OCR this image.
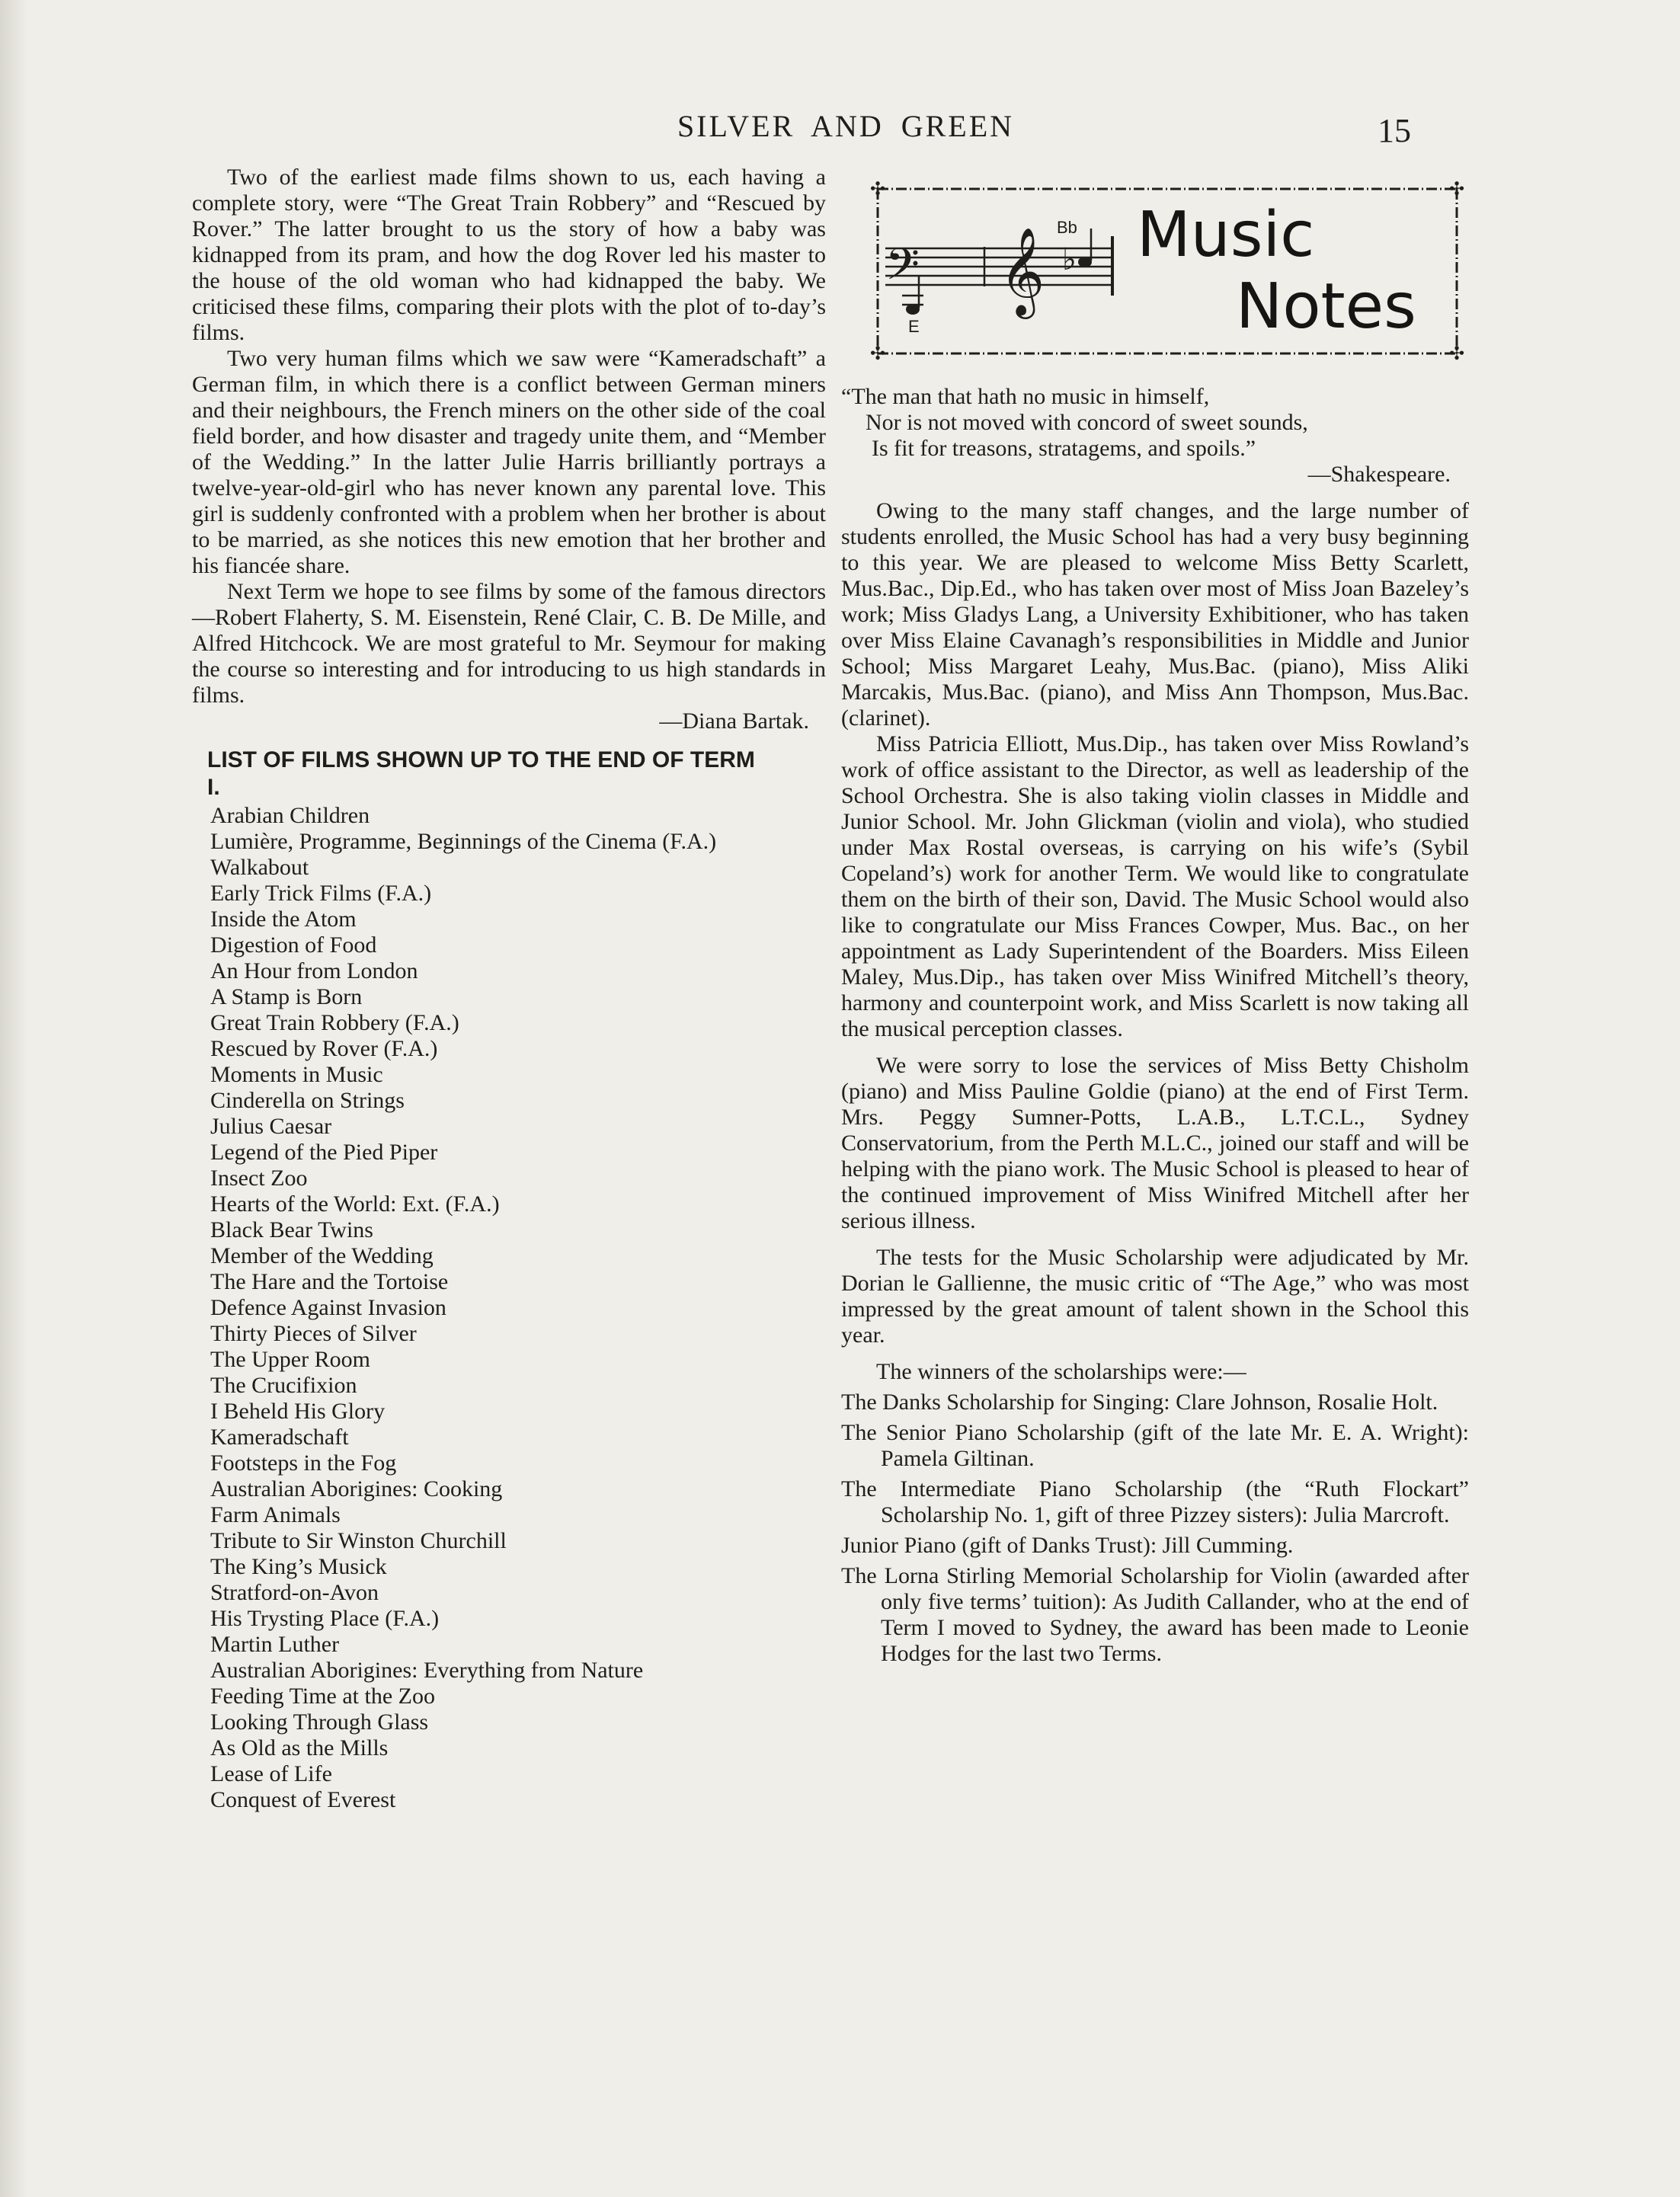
SILVER AND GREEN	15

Two of the earliest made films shown to us, each having a complete story, were “The Great Train Robbery” and “Rescued by Rover.” The latter brought to us the story of how a baby was kidnapped from its pram, and how the dog Rover led his master to the house of the old woman who had kidnapped the baby. We criticised these films, comparing their plots with the plot of to-day’s films.

Two very human films which we saw were “Kameradschaft” a German film, in which there is a conflict between German miners and their neighbours, the French miners on the other side of the coal field border, and how disaster and tragedy unite them, and “Member of the Wedding.” In the latter Julie Harris brilliantly portrays a twelve-year-old-girl who has never known any parental love. This girl is suddenly confronted with a problem when her brother is about to be married, as she notices this new emotion that her brother and his fiancée share.

Next Term we hope to see films by some of the famous directors—Robert Flaherty, S. M. Eisenstein, René Clair, C. B. De Mille, and Alfred Hitchcock. We are most grateful to Mr. Seymour for making the course so interesting and for introducing to us high standards in films.

—Diana Bartak.

LIST OF FILMS SHOWN UP TO THE END OF TERM I.
Arabian Children
Lumière, Programme, Beginnings of the Cinema (F.A.)
Walkabout
Early Trick Films (F.A.)
Inside the Atom
Digestion of Food
An Hour from London
A Stamp is Born
Great Train Robbery (F.A.)
Rescued by Rover (F.A.)
Moments in Music
Cinderella on Strings
Julius Caesar
Legend of the Pied Piper
Insect Zoo
Hearts of the World: Ext. (F.A.)
Black Bear Twins
Member of the Wedding
The Hare and the Tortoise
Defence Against Invasion
Thirty Pieces of Silver
The Upper Room
The Crucifixion
I Beheld His Glory
Kameradschaft
Footsteps in the Fog
Australian Aborigines: Cooking
Farm Animals
Tribute to Sir Winston Churchill
The King’s Musick
Stratford-on-Avon
His Trysting Place (F.A.)
Martin Luther
Australian Aborigines: Everything from Nature
Feeding Time at the Zoo
Looking Through Glass
As Old as the Mills
Lease of Life
Conquest of Everest
✣	✣
✣	✣
𝄢 𝄞 ♭
Bb
E
Music
Notes
“The man that hath no music in himself,
Nor is not moved with concord of sweet sounds,
Is fit for treasons, stratagems, and spoils.”
—Shakespeare.

Owing to the many staff changes, and the large number of students enrolled, the Music School has had a very busy beginning to this year. We are pleased to welcome Miss Betty Scarlett, Mus.Bac., Dip.Ed., who has taken over most of Miss Joan Bazeley’s work; Miss Gladys Lang, a University Exhibitioner, who has taken over Miss Elaine Cavanagh’s responsibilities in Middle and Junior School; Miss Margaret Leahy, Mus.Bac. (piano), Miss Aliki Marcakis, Mus.Bac. (piano), and Miss Ann Thompson, Mus.Bac. (clarinet).

Miss Patricia Elliott, Mus.Dip., has taken over Miss Rowland’s work of office assistant to the Director, as well as leadership of the School Orchestra. She is also taking violin classes in Middle and Junior School. Mr. John Glickman (violin and viola), who studied under Max Rostal overseas, is carrying on his wife’s (Sybil Copeland’s) work for another Term. We would like to congratulate them on the birth of their son, David. The Music School would also like to congratulate our Miss Frances Cowper, Mus. Bac., on her appointment as Lady Superintendent of the Boarders. Miss Eileen Maley, Mus.Dip., has taken over Miss Winifred Mitchell’s theory, harmony and counterpoint work, and Miss Scarlett is now taking all the musical perception classes.

We were sorry to lose the services of Miss Betty Chisholm (piano) and Miss Pauline Goldie (piano) at the end of First Term. Mrs. Peggy Sumner-Potts, L.A.B., L.T.C.L., Sydney Conservatorium, from the Perth M.L.C., joined our staff and will be helping with the piano work. The Music School is pleased to hear of the continued improvement of Miss Winifred Mitchell after her serious illness.

The tests for the Music Scholarship were adjudicated by Mr. Dorian le Gallienne, the music critic of “The Age,” who was most impressed by the great amount of talent shown in the School this year.

The winners of the scholarships were:—

The Danks Scholarship for Singing: Clare Johnson, Rosalie Holt.

The Senior Piano Scholarship (gift of the late Mr. E. A. Wright): Pamela Giltinan.

The Intermediate Piano Scholarship (the “Ruth Flockart” Scholarship No. 1, gift of three Pizzey sisters): Julia Marcroft.

Junior Piano (gift of Danks Trust): Jill Cumming.

The Lorna Stirling Memorial Scholarship for Violin (awarded after only five terms’ tuition): As Judith Callander, who at the end of Term I moved to Sydney, the award has been made to Leonie Hodges for the last two Terms.
